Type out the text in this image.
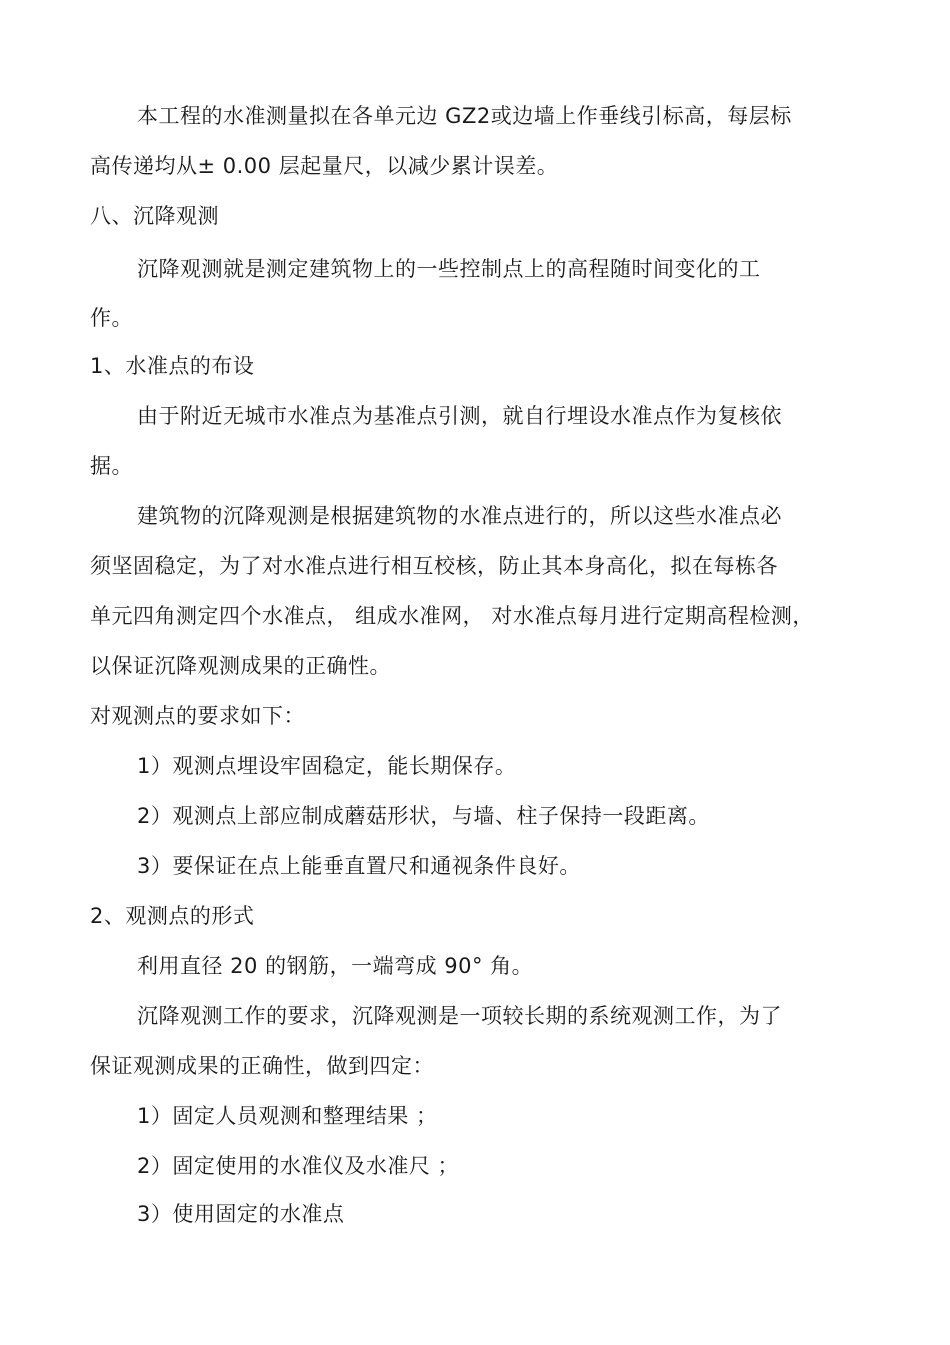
本工程的水准测量拟在各单元边 GZ2或边墙上作垂线引标高，每层标
高传递均从± 0.00 层起量尺，以减少累计误差。
八、沉降观测
沉降观测就是测定建筑物上的一些控制点上的高程随时间变化的工
作。
1、水准点的布设
由于附近无城市水准点为基准点引测，就自行埋设水准点作为复核依
据。
建筑物的沉降观测是根据建筑物的水准点进行的，所以这些水准点必
须坚固稳定，为了对水准点进行相互校核，防止其本身高化，拟在每栋各
单元四角测定四个水准点， 组成水准网， 对水准点每月进行定期高程检测，
以保证沉降观测成果的正确性。
对观测点的要求如下：
1）观测点埋设牢固稳定，能长期保存。
2）观测点上部应制成蘑菇形状，与墙、柱子保持一段距离。
3）要保证在点上能垂直置尺和通视条件良好。
2、观测点的形式
利用直径 20 的钢筋，一端弯成 90° 角。
沉降观测工作的要求，沉降观测是一项较长期的系统观测工作，为了
保证观测成果的正确性，做到四定：
1）固定人员观测和整理结果 ；
2）固定使用的水准仪及水准尺 ；
3）使用固定的水准点
